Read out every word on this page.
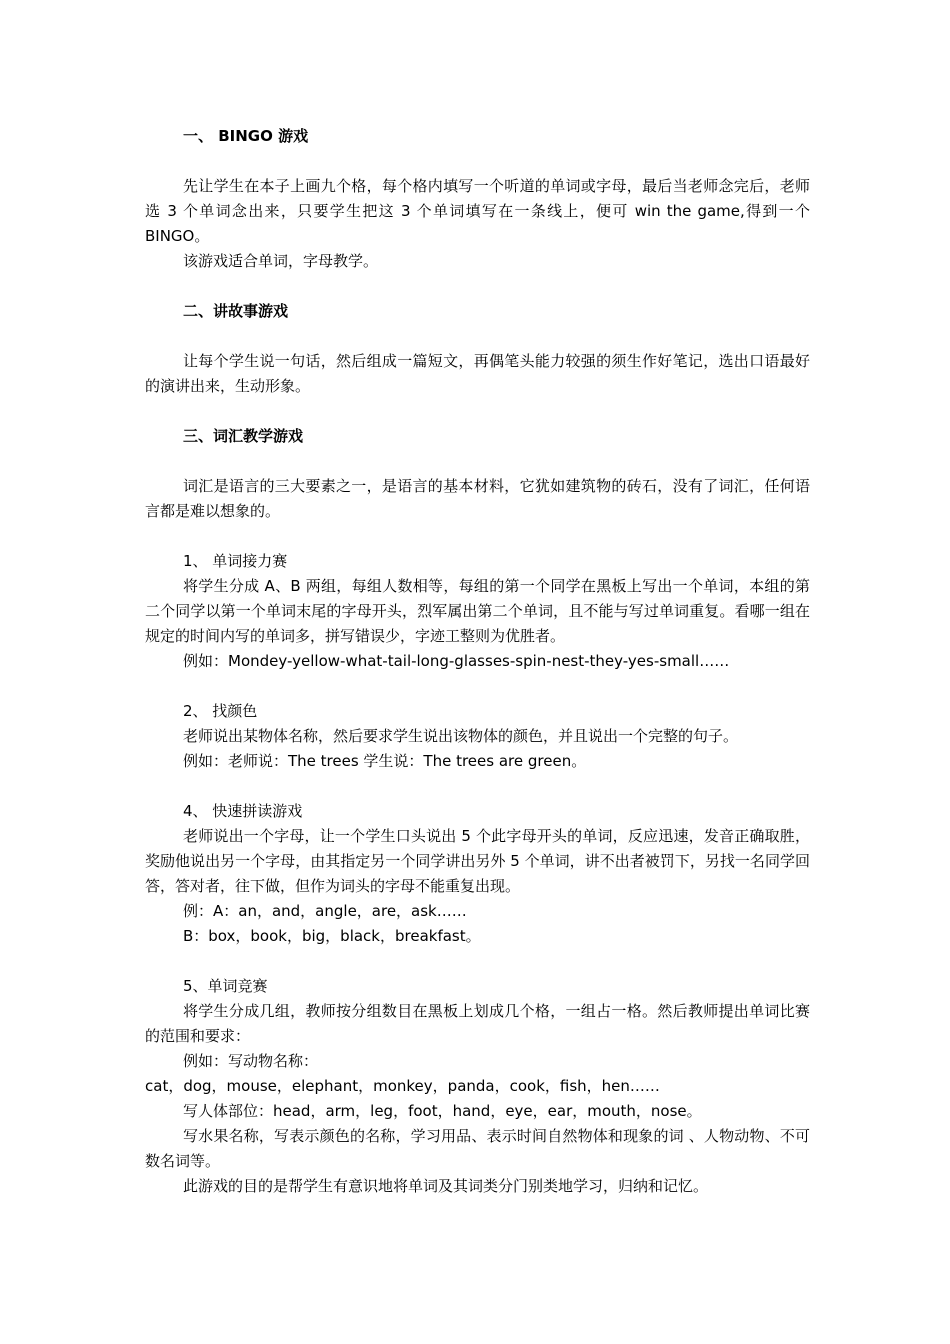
一、 BINGO 游戏

先让学生在本子上画九个格，每个格内填写一个听道的单词或字母，最后当老师念完后，老师选 3 个单词念出来，只要学生把这 3 个单词填写在一条线上，便可 win the game,得到一个 BINGO。

该游戏适合单词，字母教学。

二、讲故事游戏

让每个学生说一句话，然后组成一篇短文，再偶笔头能力较强的须生作好笔记，选出口语最好的演讲出来，生动形象。

三、词汇教学游戏

词汇是语言的三大要素之一，是语言的基本材料，它犹如建筑物的砖石，没有了词汇，任何语言都是难以想象的。

1、 单词接力赛

将学生分成 A、B 两组，每组人数相等，每组的第一个同学在黑板上写出一个单词，本组的第二个同学以第一个单词末尾的字母开头，烈军属出第二个单词，且不能与写过单词重复。看哪一组在规定的时间内写的单词多，拼写错误少，字迹工整则为优胜者。

例如：Mondey-yellow-what-tail-long-glasses-spin-nest-they-yes-small……

2、 找颜色

老师说出某物体名称，然后要求学生说出该物体的颜色，并且说出一个完整的句子。

例如：老师说：The trees 学生说：The trees are green。

4、 快速拼读游戏

老师说出一个字母，让一个学生口头说出 5 个此字母开头的单词，反应迅速，发音正确取胜，奖励他说出另一个字母，由其指定另一个同学讲出另外 5 个单词，讲不出者被罚下，另找一名同学回答，答对者，往下做，但作为词头的字母不能重复出现。

例：A：an，and，angle，are，ask……

B：box，book，big，black，breakfast。

5、单词竞赛

将学生分成几组，教师按分组数目在黑板上划成几个格，一组占一格。然后教师提出单词比赛的范围和要求：

例如：写动物名称：

cat，dog，mouse，elephant，monkey，panda，cook，fish，hen……

写人体部位：head，arm，leg，foot，hand，eye，ear，mouth，nose。

写水果名称，写表示颜色的名称，学习用品、表示时间自然物体和现象的词 、人物动物、不可数名词等。

此游戏的目的是帮学生有意识地将单词及其词类分门别类地学习，归纳和记忆。
